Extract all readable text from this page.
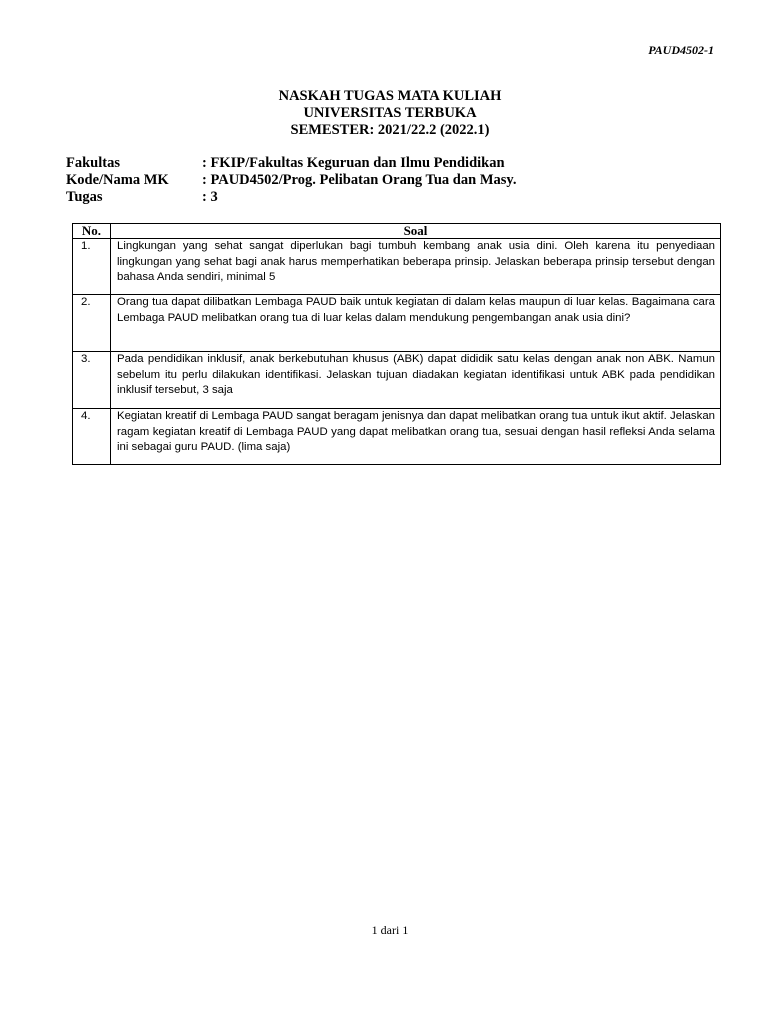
PAUD4502-1
NASKAH TUGAS MATA KULIAH
UNIVERSITAS TERBUKA
SEMESTER: 2021/22.2 (2022.1)
Fakultas	: FKIP/Fakultas Keguruan dan Ilmu Pendidikan
Kode/Nama MK	: PAUD4502/Prog. Pelibatan Orang Tua dan Masy.
Tugas	: 3
No.	Soal
1.	Lingkungan yang sehat sangat diperlukan bagi tumbuh kembang anak usia dini. Oleh karena itu penyediaan lingkungan yang sehat bagi anak harus memperhatikan beberapa prinsip. Jelaskan beberapa prinsip tersebut dengan bahasa Anda sendiri, minimal 5
2.	Orang tua dapat dilibatkan Lembaga PAUD baik untuk kegiatan di dalam kelas maupun di luar kelas. Bagaimana cara Lembaga PAUD melibatkan orang tua di luar kelas dalam mendukung pengembangan anak usia dini?
3.	Pada pendidikan inklusif, anak berkebutuhan khusus (ABK) dapat dididik satu kelas dengan anak non ABK. Namun sebelum itu perlu dilakukan identifikasi. Jelaskan tujuan diadakan kegiatan identifikasi untuk ABK pada pendidikan inklusif tersebut, 3 saja
4.	Kegiatan kreatif di Lembaga PAUD sangat beragam jenisnya dan dapat melibatkan orang tua untuk ikut aktif. Jelaskan ragam kegiatan kreatif di Lembaga PAUD yang dapat melibatkan orang tua, sesuai dengan hasil refleksi Anda selama ini sebagai guru PAUD. (lima saja)
1 dari 1
